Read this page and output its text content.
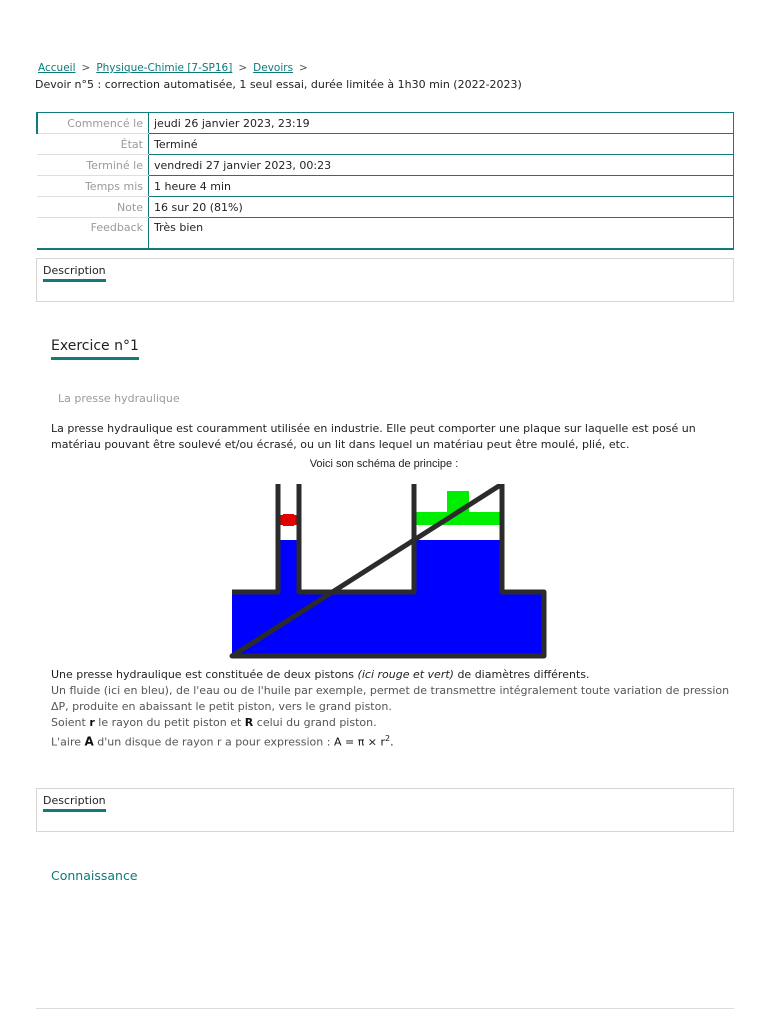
Accueil > Physique-Chimie [7-SP16] > Devoirs >
Devoir n°5 : correction automatisée, 1 seul essai, durée limitée à 1h30 min (2022-2023)
Commencé le	jeudi 26 janvier 2023, 23:19
État	Terminé
Terminé le	vendredi 27 janvier 2023, 00:23
Temps mis	1 heure 4 min
Note	16 sur 20 (81%)
Feedback	Très bien
Description
Exercice n°1
La presse hydraulique
La presse hydraulique est couramment utilisée en industrie. Elle peut comporter une plaque sur laquelle est posé un matériau pouvant être soulevé et/ou écrasé, ou un lit dans lequel un matériau peut être moulé, plié, etc.
Voici son schéma de principe :
Une presse hydraulique est constituée de deux pistons (ici rouge et vert) de diamètres différents.
Un fluide (ici en bleu), de l'eau ou de l'huile par exemple, permet de transmettre intégralement toute variation de pression ΔP, produite en abaissant le petit piston, vers le grand piston.
Soient r le rayon du petit piston et R celui du grand piston.
L'aire A d'un disque de rayon r a pour expression : $A = \pi \times r^2$.
Description
Connaissance
